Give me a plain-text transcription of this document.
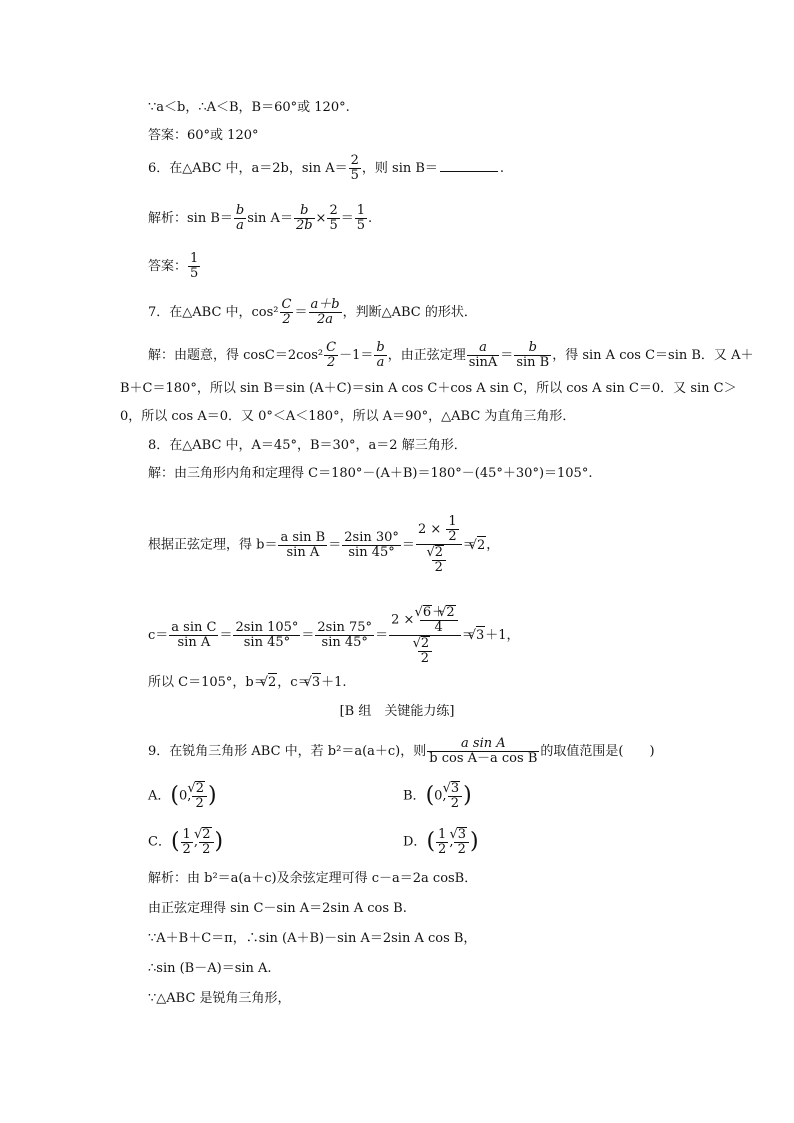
∵a＜b，∴A＜B，B＝60°或 120°.
答案：60°或 120°
6．在△ABC 中，a＝2b，$\sin A= \frac{2}{5}$ ，则 sin B＝	.
解析：$\sin B= \frac{b}{a}$ $\sin A= \frac{b}{2b} \times \frac{2}{5} = \frac{1}{5}$ .
答案： $\frac{1}{5}$
7．在△ABC 中，$\cos^2 \frac{C}{2} = \frac{a+b}{2a}$ ，判断△ABC 的形状．
解：由题意，得 $\cos C=2\cos^2 \frac{C}{2} -1= \frac{b}{a}$ ，由正弦定理 $\frac{a}{\sin A} = \frac{b}{\text{sin B}}$ ，得 sin A cos C＝sin B．又 A＋
B＋C＝180°，所以 sin B＝sin (A＋C)＝sin A cos C＋cos A sin C，所以 cos A sin C＝0．又 sin C＞
0，所以 cos A＝0．又 0°＜A＜180°，所以 A＝90°，△ABC 为直角三角形．
8．在△ABC 中，A＝45°，B＝30°，a＝2 解三角形．
解：由三角形内角和定理得 C＝180°－(A＋B)＝180°－(45°＋30°)＝105°.
根据正弦定理，得 $b= \frac{\text{a sin B}}{\text{sin A}} = \frac{2\sin 30^\circ}{\sin 45^\circ} = 2 \times \frac{1}{2}$
√ $\frac{2}{2}$ ＝√ 2，
$c= \frac{\text{a sin C}}{\text{sin A}} = \frac{2\sin 105^\circ}{\sin 45^\circ} = \frac{2\sin 75^\circ}{\sin 45^\circ} = 2$ × √ $\frac{6+√ 2}{4}$
√ $\frac{2}{2}$ ＝√ 3＋1，
所以 C＝105°，b＝√ 2，c＝√ 3＋1.
[B 组　关键能力练]
9．在锐角三角形 ABC 中，若 b²＝a(a＋c)，则 $\frac{\text{a sin A}}{\text{b cos A－a cos B}}$ 的取值范围是(　　)
A．(0, √ $\frac{2}{2}$ )	B．(0, √ $\frac{3}{2}$ )
C．( $\frac{1}{2}$ , √ $\frac{2}{2}$ )	D．( $\frac{1}{2}$ , √ $\frac{3}{2}$ )
解析：由 b²＝a(a＋c)及余弦定理可得 c－a＝2a cosB．
由正弦定理得 sin C－sin A＝2sin A cos B.
∵A＋B＋C＝π，∴sin (A＋B)－sin A＝2sin A cos B，
∴sin (B－A)＝sin A.
∵△ABC 是锐角三角形，
